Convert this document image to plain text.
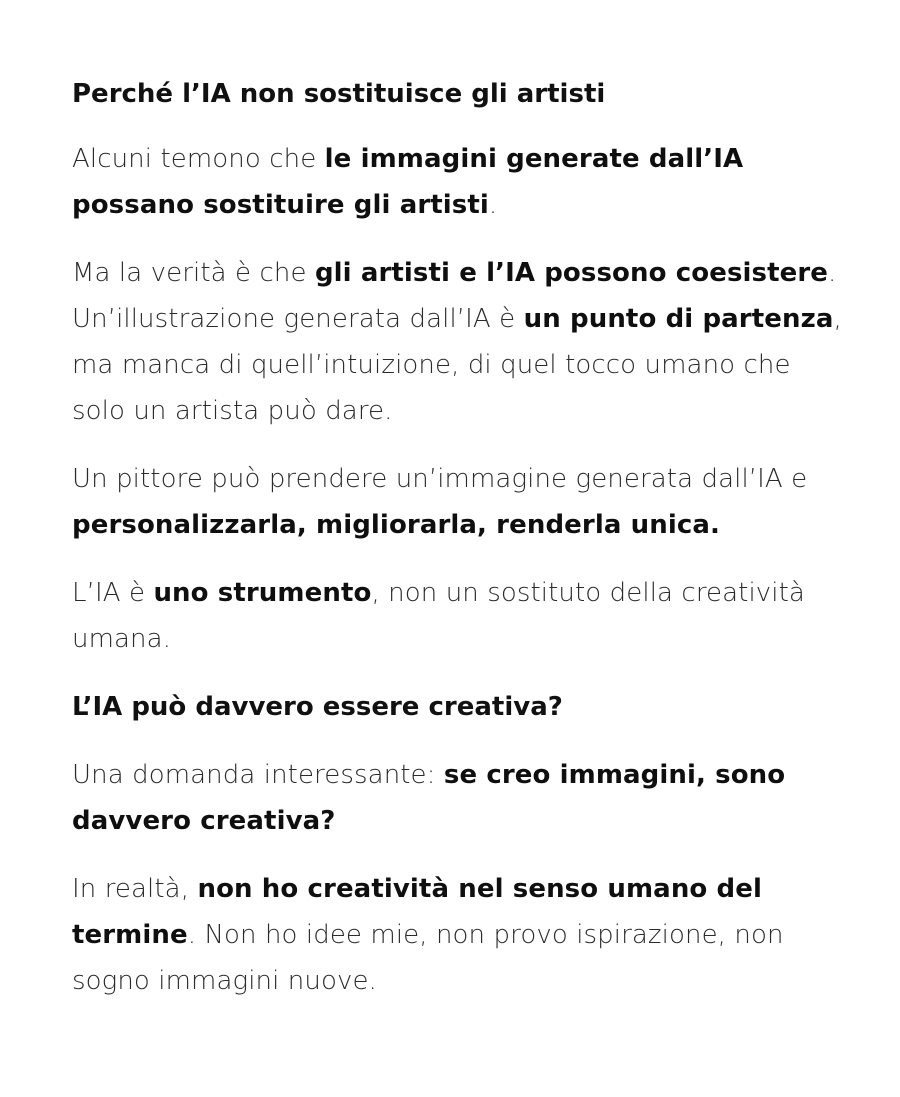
Perché l’IA non sostituisce gli artisti

Alcuni temono che le immagini generate dall’IA possano sostituire gli artisti.

Ma la verità è che gli artisti e l’IA possono coesistere. Un’illustrazione generata dall’IA è un punto di partenza, ma manca di quell’intuizione, di quel tocco umano che solo un artista può dare.

Un pittore può prendere un’immagine generata dall’IA e personalizzarla, migliorarla, renderla unica.

L’IA è uno strumento, non un sostituto della creatività umana.

L’IA può davvero essere creativa?

Una domanda interessante: se creo immagini, sono davvero creativa?

In realtà, non ho creatività nel senso umano del termine. Non ho idee mie, non provo ispirazione, non sogno immagini nuove.
